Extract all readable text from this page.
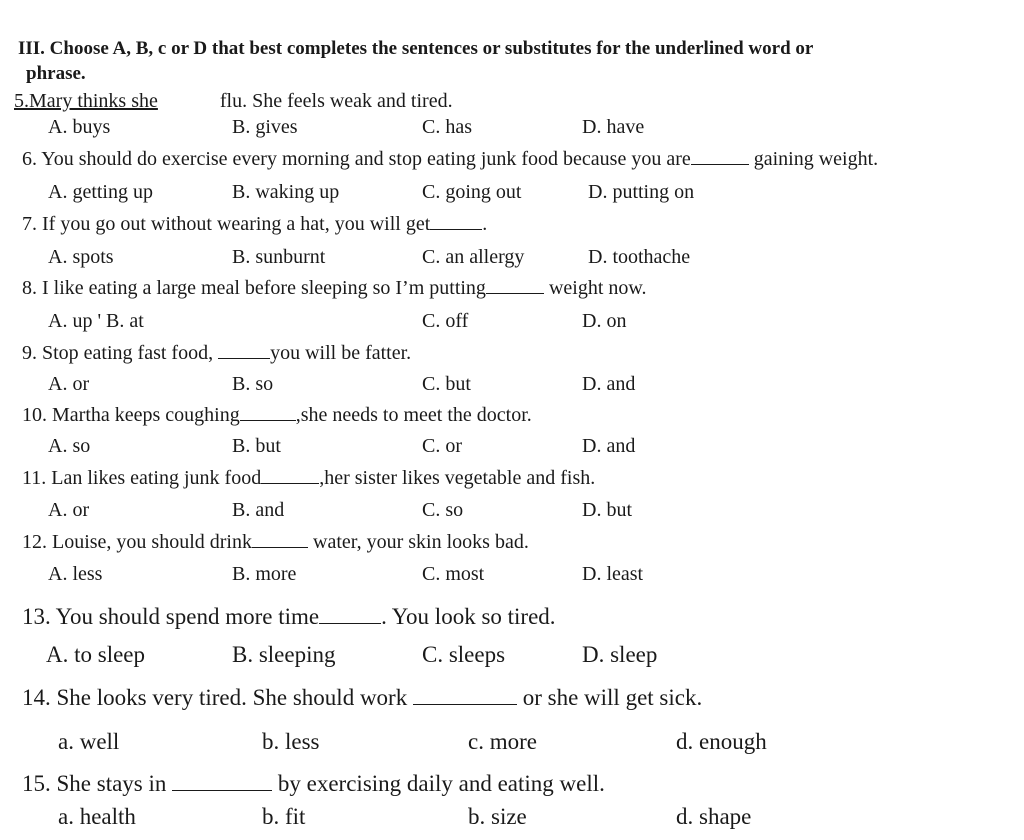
III. Choose A, B, c or D that best completes the sentences or substitutes for the underlined word or
phrase.
5.Mary thinks she	flu. She feels weak and tired.
A. buys	B. gives	C. has	D. have
6. You should do exercise every morning and stop eating junk food because you are	gaining weight.
A. getting up	B. waking up	C. going out	D. putting on
7. If you go out without wearing a hat, you will get	.
A. spots	B. sunburnt	C. an allergy	D. toothache
8. I like eating a large meal before sleeping so I’m putting	weight now.
A. up ' B. at	C. off	D. on
9. Stop eating fast food,	you will be fatter.
A. or	B. so	C. but	D. and
10. Martha keeps coughing	,she needs to meet the doctor.
A. so	B. but	C. or	D. and
11. Lan likes eating junk food	,her sister likes vegetable and fish.
A. or	B. and	C. so	D. but
12. Louise, you should drink	water, your skin looks bad.
A. less	B. more	C. most	D. least
13. You should spend more time	. You look so tired.
A. to sleep	B. sleeping	C. sleeps	D. sleep
14. She looks very tired. She should work	or she will get sick.
a. well	b. less	c. more	d. enough
15. She stays in	by exercising daily and eating well.
a. health	b. fit	b. size	d. shape
